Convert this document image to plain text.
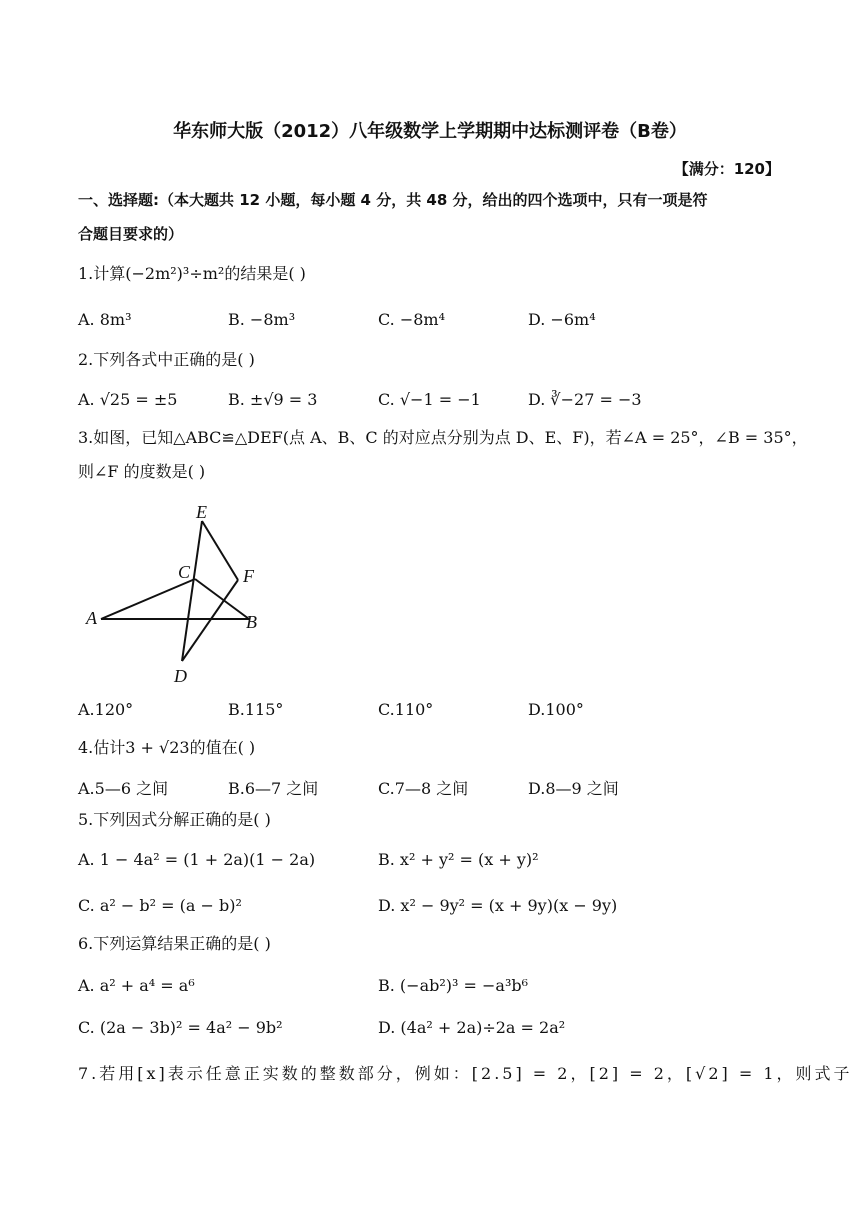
华东师大版（2012）八年级数学上学期期中达标测评卷（B卷）
【满分：120】
一、选择题:（本大题共 12 小题，每小题 4 分，共 48 分，给出的四个选项中，只有一项是符
合题目要求的）
1.计算(−2m²)³÷m²的结果是( )
A. 8m³	B. −8m³	C. −8m⁴	D. −6m⁴
2.下列各式中正确的是( )
A. √25 = ±5	B. ±√9 = 3	C. √−1 = −1	D. ∛−27 = −3
3.如图，已知△ABC≌△DEF(点 A、B、C 的对应点分别为点 D、E、F)，若∠A = 25°，∠B = 35°，
则∠F 的度数是( )
E
C	F
A	B
D
A.120°	B.115°	C.110°	D.100°
4.估计3 + √23的值在( )
A.5—6 之间	B.6—7 之间	C.7—8 之间	D.8—9 之间
5.下列因式分解正确的是( )
A. 1 − 4a² = (1 + 2a)(1 − 2a)	B. x² + y² = (x + y)²
C. a² − b² = (a − b)²	D. x² − 9y² = (x + 9y)(x − 9y)
6.下列运算结果正确的是( )
A. a² + a⁴ = a⁶	B. (−ab²)³ = −a³b⁶
C. (2a − 3b)² = 4a² − 9b²	D. (4a² + 2a)÷2a = 2a²
7.若用[x]表示任意正实数的整数部分，例如：[2.5] = 2，[2] = 2，[√2] = 1，则式子
